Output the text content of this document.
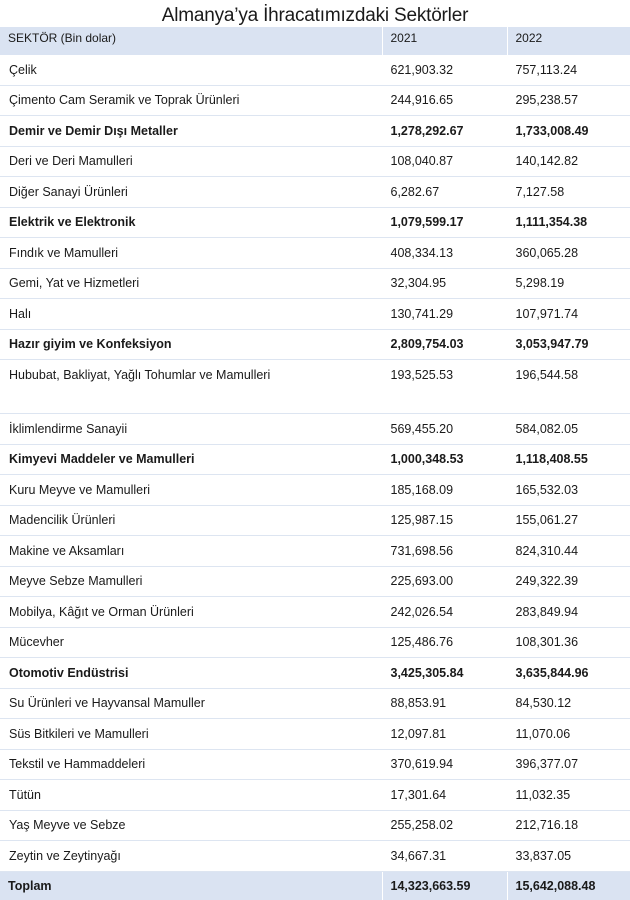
Almanya’ya İhracatımızdaki Sektörler
SEKTÖR (Bin dolar)	2021	2022
Çelik	621,903.32	757,113.24
Çimento Cam Seramik ve Toprak Ürünleri	244,916.65	295,238.57
Demir ve Demir Dışı Metaller	1,278,292.67	1,733,008.49
Deri ve Deri Mamulleri	108,040.87	140,142.82
Diğer Sanayi Ürünleri	6,282.67	7,127.58
Elektrik ve Elektronik	1,079,599.17	1,111,354.38
Fındık ve Mamulleri	408,334.13	360,065.28
Gemi, Yat ve Hizmetleri	32,304.95	5,298.19
Halı	130,741.29	107,971.74
Hazır giyim ve Konfeksiyon	2,809,754.03	3,053,947.79
Hububat, Bakliyat, Yağlı Tohumlar ve Mamulleri	193,525.53	196,544.58
İklimlendirme Sanayii	569,455.20	584,082.05
Kimyevi Maddeler ve Mamulleri	1,000,348.53	1,118,408.55
Kuru Meyve ve Mamulleri	185,168.09	165,532.03
Madencilik Ürünleri	125,987.15	155,061.27
Makine ve Aksamları	731,698.56	824,310.44
Meyve Sebze Mamulleri	225,693.00	249,322.39
Mobilya, Kâğıt ve Orman Ürünleri	242,026.54	283,849.94
Mücevher	125,486.76	108,301.36
Otomotiv Endüstrisi	3,425,305.84	3,635,844.96
Su Ürünleri ve Hayvansal Mamuller	88,853.91	84,530.12
Süs Bitkileri ve Mamulleri	12,097.81	11,070.06
Tekstil ve Hammaddeleri	370,619.94	396,377.07
Tütün	17,301.64	11,032.35
Yaş Meyve ve Sebze	255,258.02	212,716.18
Zeytin ve Zeytinyağı	34,667.31	33,837.05
Toplam	14,323,663.59	15,642,088.48
